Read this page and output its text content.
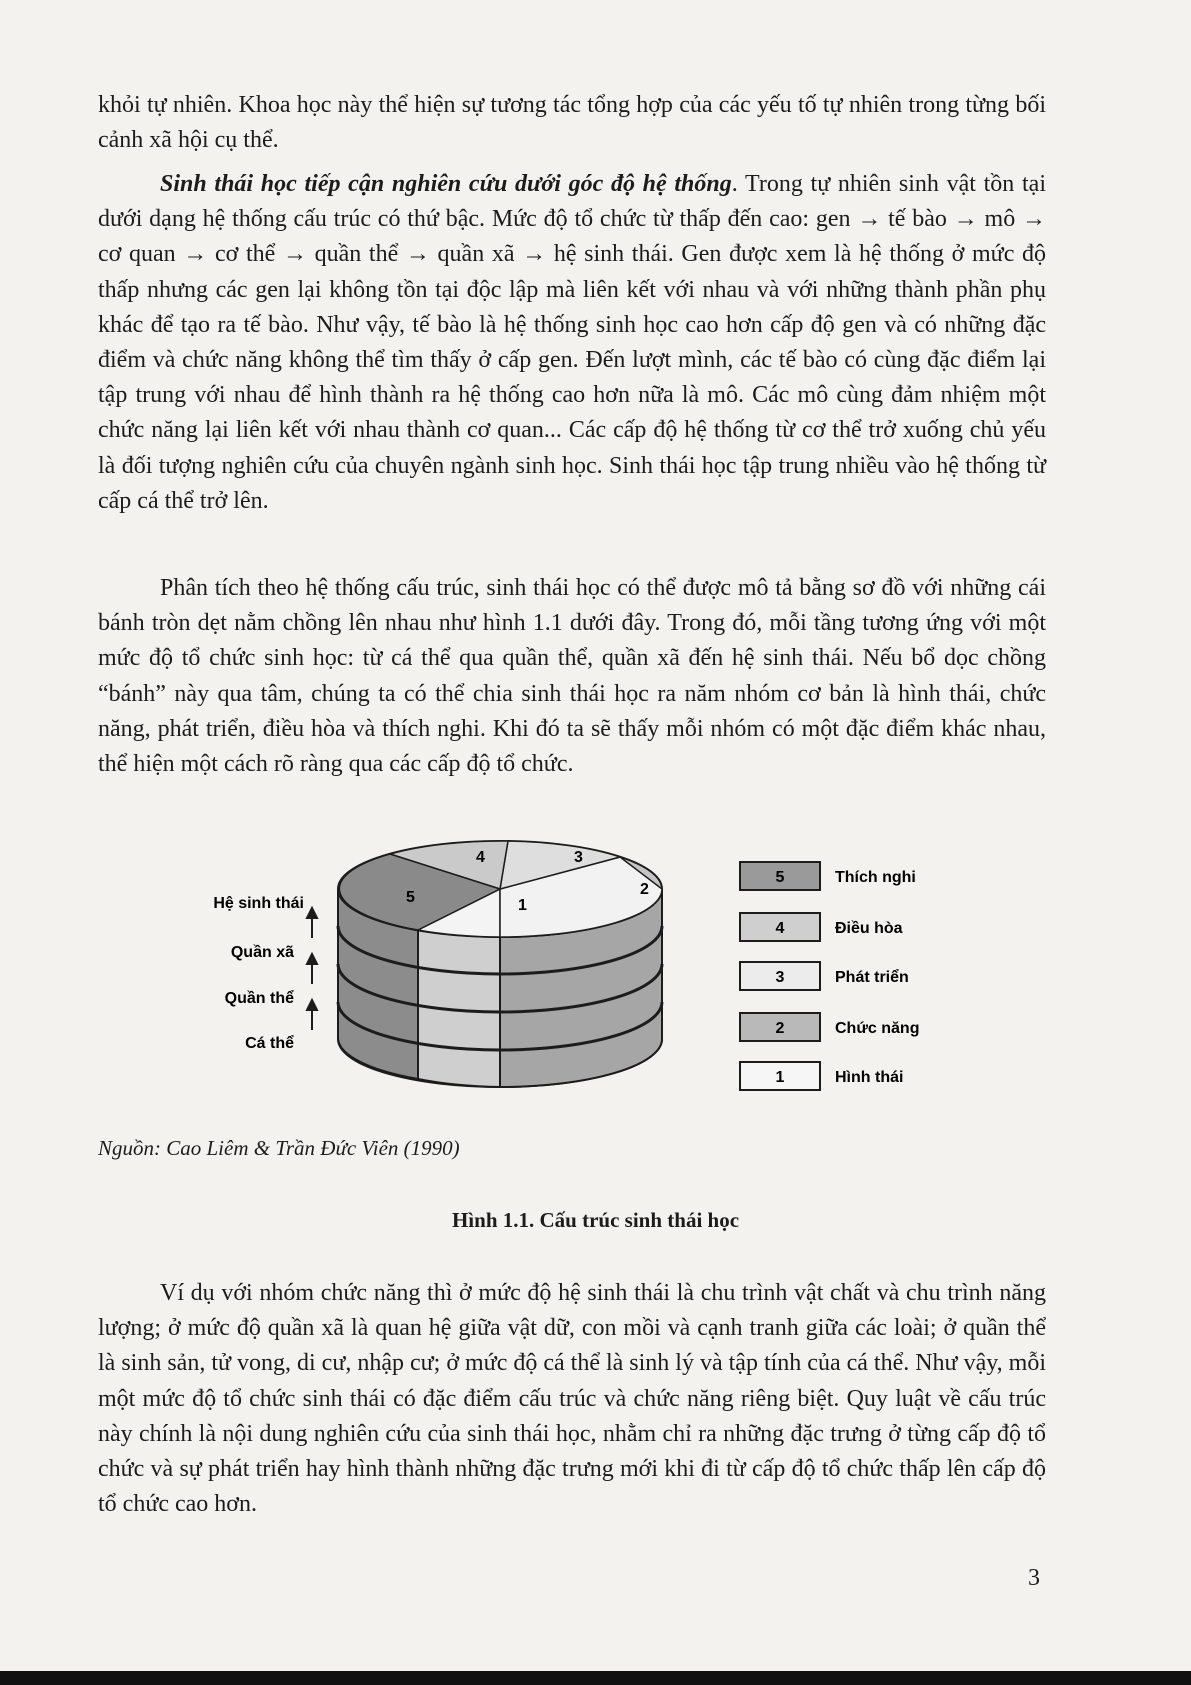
khỏi tự nhiên. Khoa học này thể hiện sự tương tác tổng hợp của các yếu tố tự nhiên trong từng bối cảnh xã hội cụ thể.

Sinh thái học tiếp cận nghiên cứu dưới góc độ hệ thống. Trong tự nhiên sinh vật tồn tại dưới dạng hệ thống cấu trúc có thứ bậc. Mức độ tổ chức từ thấp đến cao: gen → tế bào → mô → cơ quan → cơ thể → quần thể → quần xã → hệ sinh thái. Gen được xem là hệ thống ở mức độ thấp nhưng các gen lại không tồn tại độc lập mà liên kết với nhau và với những thành phần phụ khác để tạo ra tế bào. Như vậy, tế bào là hệ thống sinh học cao hơn cấp độ gen và có những đặc điểm và chức năng không thể tìm thấy ở cấp gen. Đến lượt mình, các tế bào có cùng đặc điểm lại tập trung với nhau để hình thành ra hệ thống cao hơn nữa là mô. Các mô cùng đảm nhiệm một chức năng lại liên kết với nhau thành cơ quan... Các cấp độ hệ thống từ cơ thể trở xuống chủ yếu là đối tượng nghiên cứu của chuyên ngành sinh học. Sinh thái học tập trung nhiều vào hệ thống từ cấp cá thể trở lên.

Phân tích theo hệ thống cấu trúc, sinh thái học có thể được mô tả bằng sơ đồ với những cái bánh tròn dẹt nằm chồng lên nhau như hình 1.1 dưới đây. Trong đó, mỗi tầng tương ứng với một mức độ tổ chức sinh học: từ cá thể qua quần thể, quần xã đến hệ sinh thái. Nếu bổ dọc chồng “bánh” này qua tâm, chúng ta có thể chia sinh thái học ra năm nhóm cơ bản là hình thái, chức năng, phát triển, điều hòa và thích nghi. Khi đó ta sẽ thấy mỗi nhóm có một đặc điểm khác nhau, thể hiện một cách rõ ràng qua các cấp độ tổ chức.

Hệ sinh thái
Quần xã
Quần thể
Cá thể
1
2
3
4
5
5	Thích nghi
4	Điều hòa
3	Phát triển
2	Chức năng
1	Hình thái

Nguồn: Cao Liêm & Trần Đức Viên (1990)

Hình 1.1. Cấu trúc sinh thái học

Ví dụ với nhóm chức năng thì ở mức độ hệ sinh thái là chu trình vật chất và chu trình năng lượng; ở mức độ quần xã là quan hệ giữa vật dữ, con mồi và cạnh tranh giữa các loài; ở quần thể là sinh sản, tử vong, di cư, nhập cư; ở mức độ cá thể là sinh lý và tập tính của cá thể. Như vậy, mỗi một mức độ tổ chức sinh thái có đặc điểm cấu trúc và chức năng riêng biệt. Quy luật về cấu trúc này chính là nội dung nghiên cứu của sinh thái học, nhằm chỉ ra những đặc trưng ở từng cấp độ tổ chức và sự phát triển hay hình thành những đặc trưng mới khi đi từ cấp độ tổ chức thấp lên cấp độ tổ chức cao hơn.

3
